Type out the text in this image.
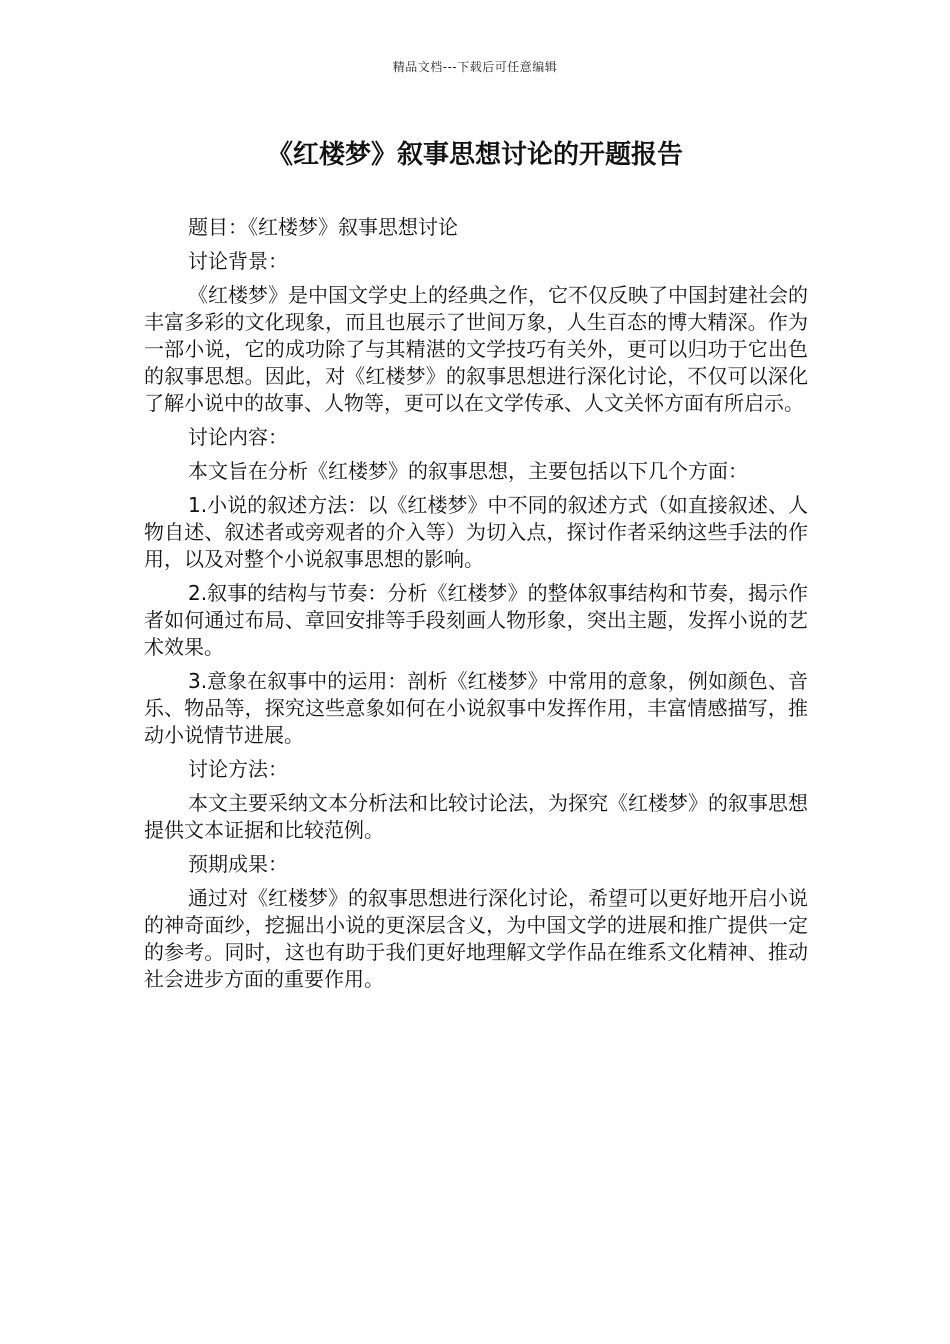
精品文档---下载后可任意编辑
《红楼梦》叙事思想讨论的开题报告

题目：《红楼梦》叙事思想讨论

讨论背景：

《红楼梦》是中国文学史上的经典之作，它不仅反映了中国封建社会的丰富多彩的文化现象，而且也展示了世间万象，人生百态的博大精深。作为一部小说，它的成功除了与其精湛的文学技巧有关外，更可以归功于它出色的叙事思想。因此，对《红楼梦》的叙事思想进行深化讨论，不仅可以深化了解小说中的故事、人物等，更可以在文学传承、人文关怀方面有所启示。

讨论内容：

本文旨在分析《红楼梦》的叙事思想，主要包括以下几个方面：

1.小说的叙述方法：以《红楼梦》中不同的叙述方式（如直接叙述、人物自述、叙述者或旁观者的介入等）为切入点，探讨作者采纳这些手法的作用，以及对整个小说叙事思想的影响。

2.叙事的结构与节奏：分析《红楼梦》的整体叙事结构和节奏，揭示作者如何通过布局、章回安排等手段刻画人物形象，突出主题，发挥小说的艺术效果。

3.意象在叙事中的运用：剖析《红楼梦》中常用的意象，例如颜色、音乐、物品等，探究这些意象如何在小说叙事中发挥作用，丰富情感描写，推动小说情节进展。

讨论方法：

本文主要采纳文本分析法和比较讨论法，为探究《红楼梦》的叙事思想提供文本证据和比较范例。

预期成果：

通过对《红楼梦》的叙事思想进行深化讨论，希望可以更好地开启小说的神奇面纱，挖掘出小说的更深层含义，为中国文学的进展和推广提供一定的参考。同时，这也有助于我们更好地理解文学作品在维系文化精神、推动社会进步方面的重要作用。
